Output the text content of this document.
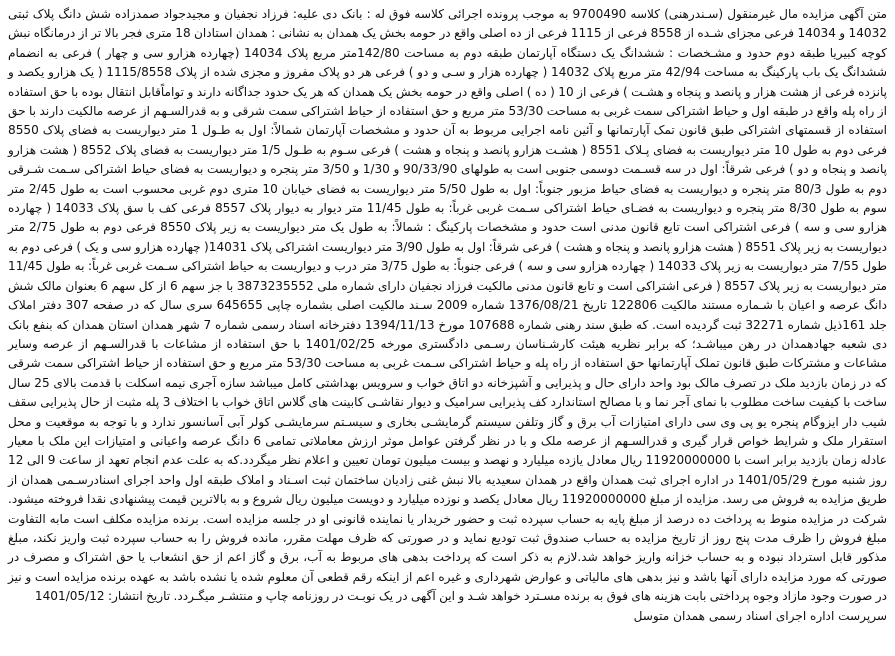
متن آگهی مزایده مال غیرمنقول (سـندرهنی) کلاسه 9700490 به موجب پرونده اجرائی کلاسه فوق له : بانک دی علیه: فرزاد نجفیان و مجیدجواد صمدزاده شش دانگ پلاک ثبتی 14032 و 14034 فرعی مجزای شـده از 8558 فرعی از 1115 فرعی از ده اصلی واقع در حومه بخش یک همدان به نشانی : همدان استادان 18 متری فجر بالا تر از درمانگاه نبش کوچه کبیریا طبقه دوم حدود و مشـخصات : ششدانگ یک دستگاه آپارتمان طبقه دوم به مساحت 142/80متر مربع پلاک 14034 (چهارده هزارو سی و چهار ) فرعی به انضمام ششدانگ یک باب پارکینگ به مساحت 42/94 متر مربع پلاک 14032 ( چهارده هزار و سـی و دو ) فرعی هر دو پلاک مفروز و مجزی شده از پلاک 1115/8558 ( یک هزارو یکصد و پانزده فرعی از هشت هزار و پانصد و پنجاه و هشـت ) فرعی از 10 ( ده ) اصلی واقع در حومه بخش یک همدان که هر یک حدود جداگانه دارند و تواماًقابل انتقال بوده با حق استفاده از راه پله واقع در طبقه اول و حیاط اشتراکی سمت غربی به مساحت 53/30 متر مربع و حق استفاده از حیاط اشتراکی سمت شرقی و به قدرالسـهم از عرصه مالکیت دارند با حق استفاده از قسمتهای اشتراکی طبق قانون تمک آپارتمانها و آئین نامه اجرایی مربوط به آن حدود و مشخصات آپارتمان شمالاً: اول به طـول 1 متر دیواریست به فضای پلاک 8550 فرعی دوم به طول 10 متر دیواریست به فضای پـلاک 8551 ( هشـت هزارو پانصد و پنجاه و هشت ) فرعی سـوم به طـول 1/5 متر دیواریست به فضای پلاک 8552 ( هشت هزارو پانصد و پنجاه و دو ) فرعی شرقاً: اول در سه قسـمت دوسمی جنوبی است به طولهای 90/33/90 و 1/30 و 3/50 متر پنجره و دیواریست به فضای حیاط اشتراکی سـمت شـرقی دوم به طول 80/3 متر پنجره و دیواریست به فضای حیاط مزبور جنوباً: اول به طول 5/50 متر دیواریست به فضای خیابان 10 متری دوم غربی محسوب است به طول 2/45 متر سوم به طول 8/30 متر پنجره و دیواریست به فضـای حیاط اشتراکی سـمت غربی غرباً: به طول 11/45 متر دیوار به دیوار پلاک 8557 فرعی کف با سق پلاک 14033 ( چهارده هزارو سی و سه ) فرعی اشتراکی است تابع قانون مدنی است حدود و مشخصات پارکینگ : شمالاً: به طول یک متر دیواریست به زیر پلاک 8550 فرعی دوم به طول 2/75 متر دیواریست به زیر پلاک 8551 ( هشت هزارو پانصد و پنجاه و هشت ) فرعی شرقاً: اول به طول 3/90 متر دیواریست اشتراکی پلاک 14031( چهارده هزارو سی و یک ) فرعی دوم به طول 7/55 متر دیواریست به زیر پلاک 14033 ( چهارده هزارو سی و سه ) فرعی جنوباً: به طول 3/75 متر درب و دیواریست به حیاط اشتراکی سـمت غربی غرباً: به طول 11/45 متر دیواریست به زیر پلاک 8557 ( فرعی اشتراکی است و تابع قانون مدنی مالکیت فرزاد نجفیان دارای شماره ملی 3873235552 با جز سهم 6 از کل سهم 6 بعنوان مالک شش دانگ عرصه و اعیان با شـماره مستند مالکیت 122806 تاریخ 1376/08/21 شماره 2009 سـند مالکیت اصلی بشماره چاپی 645655 سری سال که در صفحه 307 دفتر املاک جلد 161ذیل شماره 32271 ثبت گردیده است. که طبق سند رهنی شماره 107688 مورخ 1394/11/13 دفترخانه اسناد رسمی شماره 7 شهر همدان استان همدان که بنفع بانک دی شعبه جهادهمدان در رهن میباشـد؛ که برابر نظریه هیئت کارشـناسان رسـمی دادگستری مورخه 1401/02/25 با حق استفاده از مشاعات با قدرالسـهم از عرصه وسایر مشاعات و مشترکات طبق قانون تملک آپارتمانها حق استفاده از راه پله و حیاط اشتراکی سـمت غربی به مساحت 53/30 متر مربع و حق استفاده از حیاط اشتراکی سمت شرقی که در زمان بازدید ملک در تصرف مالک بود واحد دارای حال و پذیرایی و آشپزخانه دو اتاق خواب و سرویس بهداشتی کامل میباشد سازه آجری نیمه اسکلت با قدمت بالای 25 سال ساخت با کیفیت ساخت مطلوب با نمای آجر نما و با مصالح استاندارد کف پذیرایی سرامیک و دیوار نقاشـی کابینت های گلاس اتاق خواب با اختلاف 3 پله مثبت از حال پذیرایی سقف شیب دار ایزوگام پنجره یو پی وی سی دارای امتیازات آب برق و گاز وتلفن سیستم گرمایشـی بخاری و سیسـتم سرمایشـی کولر آبی آسانسور ندارد و با توجه به موقعیت و محل استقرار ملک و شرایط خواص قرار گیری و قدرالسـهم از عرصه ملک و با در نظر گرفتن عوامل موثر ارزش معاملاتی تمامی 6 دانگ عرصه واعیانی و امتیازات این ملک با معیار عادله زمان بازدید برابر است با 11920000000 ریال معادل یازده میلیارد و نهصد و بیست میلیون تومان تعیین و اعلام نظر میگردد.که به علت عدم انجام تعهد از ساعت 9 الی 12 روز شنبه مورخ 1401/05/29 در اداره اجرای ثبت همدان واقع در همدان سعیدیه بالا نبش غنی زادیان ساختمان ثبت اسـناد و املاک طبقه اول واحد اجرای اسنادرسـمی همدان از طریق مزایده به فروش می رسد. مزایده از مبلغ 11920000000 ریال معادل یکصد و نوزده میلیارد و دویست میلیون ریال شروع و به بالاترین قیمت پیشنهادی نقدا فروخته میشود. شرکت در مزایده منوط به پرداخت ده درصد از مبلغ پایه به حساب سپرده ثبت و حضور خریدار یا نماینده قانونی او در جلسه مزایده است. برنده مزایده مکلف است مابه التفاوت مبلغ فروش را ظرف مدت پنج روز از تاریخ مزایده به حساب صندوق ثبت تودیع نماید و در صورتی که ظرف مهلت مقرر، مانده فروش را به حساب سپرده ثبت واریز نکند، مبلغ مذکور قابل استرداد نبوده و به حساب خزانه واریز خواهد شد.لازم به ذکر است که پرداخت بدهی های مربوط به آب، برق و گاز اعم از حق انشعاب یا حق اشتراک و مصرف در صورتی که مورد مزایده دارای آنها باشد و نیز بدهی های مالیاتی و عوارض شهرداری و غیره اعم از اینکه رقم قطعی آن معلوم شده یا نشده باشد به عهده برنده مزایده است و نیز در صورت وجود مازاد وجوه پرداختی بابت هزینه های فوق به برنده مسـترد خواهد شـد و این آگهی در یک نوبـت در روزنامه چاپ و منتشـر میگـردد. تاریخ انتشار: 1401/05/12

سرپرست اداره اجرای اسناد رسمی همدان متوسل
